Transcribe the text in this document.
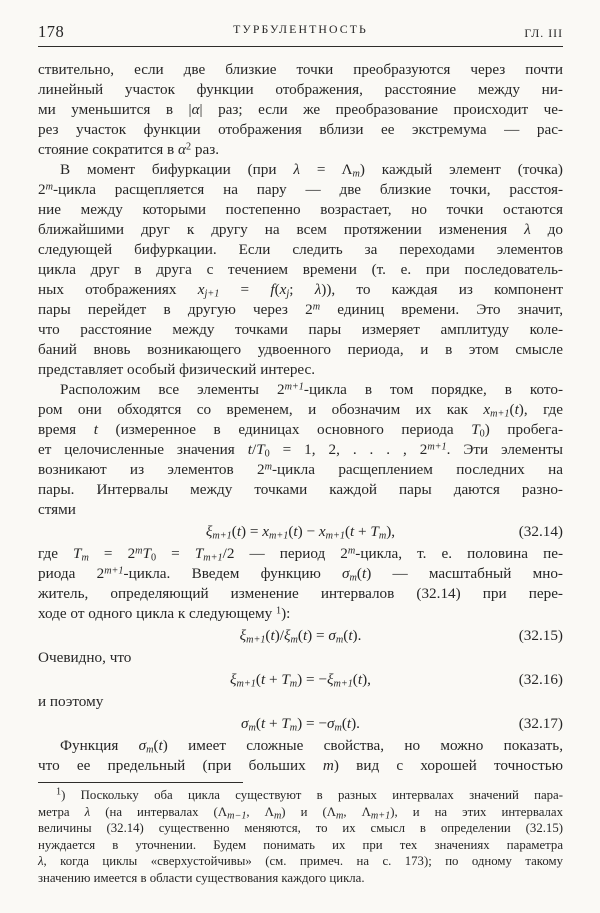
178	ТУРБУЛЕНТНОСТЬ	ГЛ. III
ствительно, если две близкие точки преобразуются через почти
линейный участок функции отображения, расстояние между ни-
ми уменьшится в |α| раз; если же преобразование происходит че-
рез участок функции отображения вблизи ее экстремума — рас-
стояние сократится в $\alpha^2$ раз.
В момент бифуркации (при $\lambda = \Lambda_m$) каждый элемент (точка)
2$^m$-цикла расщепляется на пару — две близкие точки, расстоя-
ние между которыми постепенно возрастает, но точки остаются
ближайшими друг к другу на всем протяжении изменения λ до
следующей бифуркации. Если следить за переходами элементов
цикла друг в друга с течением времени (т. е. при последователь-
ных отображениях $x_{j+1} = f(x_j$; λ)), то каждая из компонент
пары перейдет в другую через 2$^m$ единиц времени. Это значит,
что расстояние между точками пары измеряет амплитуду коле-
баний вновь возникающего удвоенного периода, и в этом смысле
представляет особый физический интерес.
Расположим все элементы $2^{m+1}$-цикла в том порядке, в кото-
ром они обходятся со временем, и обозначим их как $x_{m+1}(t)$, где
время t (измеренное в единицах основного периода $T_0$) пробега-
ет целочисленные значения $t/T_0 = 1$, 2, . . . , $2^{m+1}$. Эти элементы
возникают из элементов 2$^m$-цикла расщеплением последних на
пары. Интервалы между точками каждой пары даются разно-
стями
$\xi_{m+1}(t) = x_{m+1}(t) - x_{m+1}(t + T_m)$,	(32.14)
где $T_m = 2^mT_0 = T_{m+1}/2$ — период 2$^m$-цикла, т. е. половина пе-
риода $2^{m+1}$-цикла. Введем функцию $\sigma_m(t)$ — масштабный мно-
житель, определяющий изменение интервалов (32.14) при пере-
ходе от одного цикла к следующему $^1$):
$\xi_{m+1}(t)/\xi_m(t) = \sigma_m(t)$.	(32.15)
Очевидно, что
$\xi_{m+1}(t + T_m) = -\xi_{m+1}(t)$,	(32.16)
и поэтому
$\sigma_m(t + T_m) = -\sigma_m(t)$.	(32.17)
Функция $\sigma_m(t)$ имеет сложные свойства, но можно показать,
что ее предельный (при больших m) вид с хорошей точностью
$^1$) Поскольку оба цикла существуют в разных интервалах значений пара-
метра λ (на интервалах ($\Lambda_{m-1}$, $\Lambda_m$) и ($\Lambda_m$, $\Lambda_{m+1}$), и на этих интервалах
величины (32.14) существенно меняются, то их смысл в определении (32.15)
нуждается в уточнении. Будем понимать их при тех значениях параметра
λ, когда циклы «сверхустойчивы» (см. примеч. на с. 173); по одному такому
значению имеется в области существования каждого цикла.
